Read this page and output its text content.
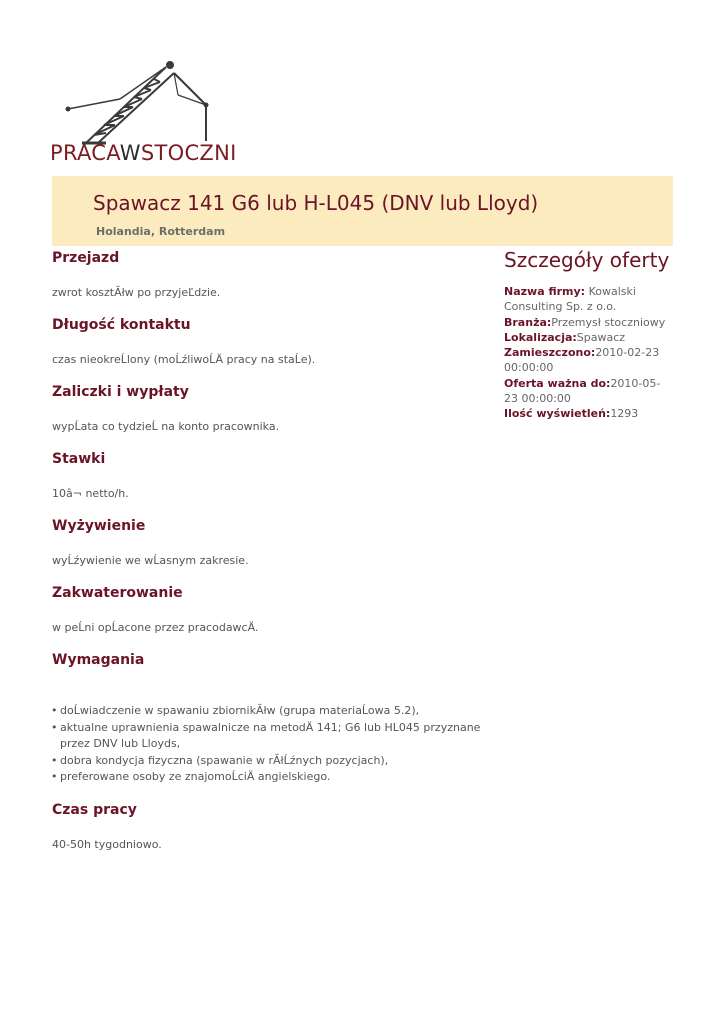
PRACAWSTOCZNI
Spawacz 141 G6 lub H-L045 (DNV lub Lloyd)
Holandia, Rotterdam
Przejazd

zwrot kosztĂłw po przyjeĽdzie.

Długość kontaktu

czas nieokreĹlony (moĹźliwoĹÄ pracy na staĹe).

Zaliczki i wypłaty

wypĹata co tydzieĹ na konto pracownika.

Stawki

10â¬ netto/h.

Wyżywienie

wyĹźywienie we wĹasnym zakresie.

Zakwaterowanie

w peĹni opĹacone przez pracodawcÄ.

Wymagania
• doĹwiadczenie w spawaniu zbiornikĂłw (grupa materiaĹowa 5.2),
• aktualne uprawnienia spawalnicze na metodÄ 141; G6 lub HL045 przyznane przez DNV lub Lloyds,
• dobra kondycja fizyczna (spawanie w rĂłĹźnych pozycjach),
• preferowane osoby ze znajomoĹciÄ angielskiego.
Czas pracy

40-50h tygodniowo.

Szczegóły oferty
Nazwa firmy: Kowalski Consulting Sp. z o.o.
Branża:Przemysł stoczniowy
Lokalizacja:Spawacz
Zamieszczono:2010-02-23 00:00:00
Oferta ważna do:2010-05-23 00:00:00
Ilość wyświetleń:1293
